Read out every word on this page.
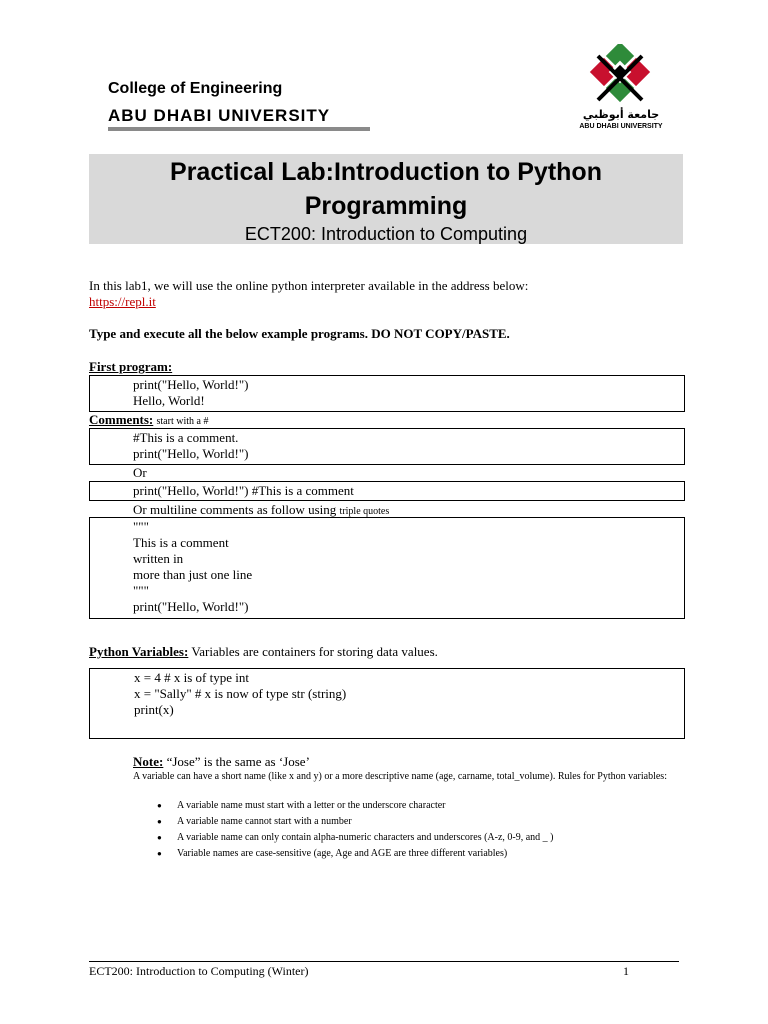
College of Engineering
ABU DHABI UNIVERSITY	جامعة أبوظبي
ABU DHABI UNIVERSITY
Practical Lab:Introduction to Python
Programming
ECT200: Introduction to Computing
In this lab1, we will use the online python interpreter available in the address below:
https://repl.it
Type and execute all the below example programs. DO NOT COPY/PASTE.
First program:
print("Hello, World!")
Hello, World!
Comments: start with a #
#This is a comment.
print("Hello, World!")
Or
print("Hello, World!") #This is a comment
Or multiline comments as follow using triple quotes
"""
This is a comment
written in
more than just one line
"""
print("Hello, World!")
Python Variables: Variables are containers for storing data values.
x = 4 # x is of type int
x = "Sally" # x is now of type str (string)
print(x)
Note: “Jose” is the same as ‘Jose’
A variable can have a short name (like x and y) or a more descriptive name (age, carname, total_volume). Rules for Python variables:
● A variable name must start with a letter or the underscore character
● A variable name cannot start with a number
● A variable name can only contain alpha-numeric characters and underscores (A-z, 0-9, and _ )
● Variable names are case-sensitive (age, Age and AGE are three different variables)
ECT200: Introduction to Computing (Winter)	1
